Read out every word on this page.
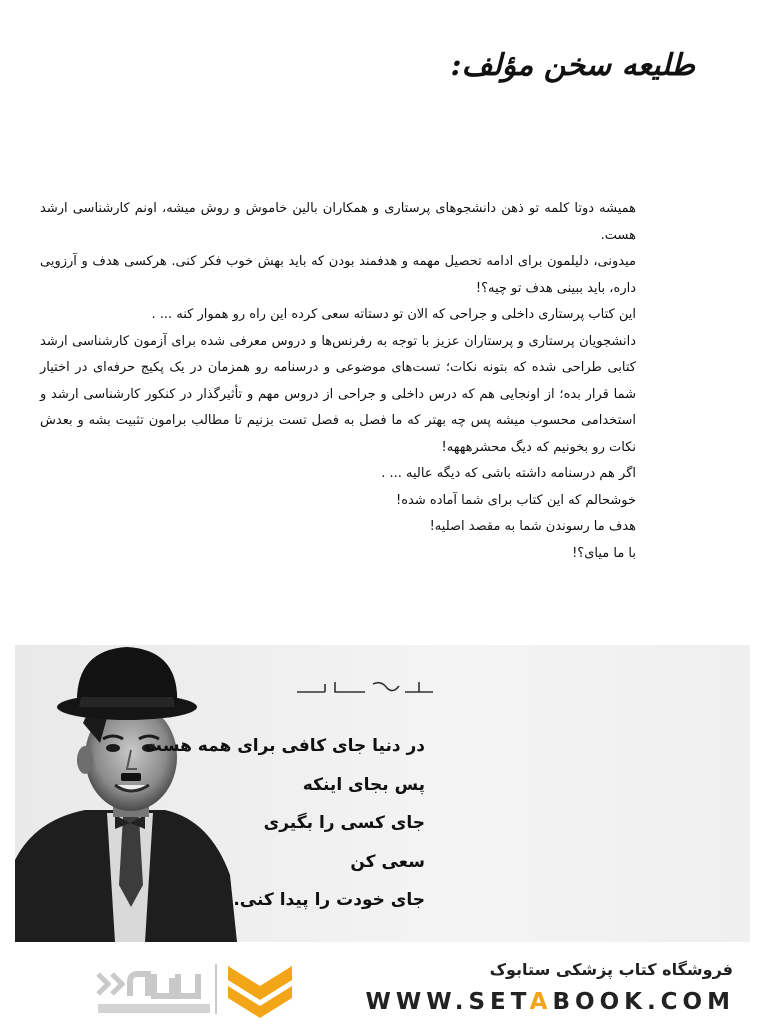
طلیعه سخن مؤلف:

همیشه دوتا کلمه تو ذهن دانشجوهای پرستاری و همکاران بالین خاموش و روش میشه، اونم کارشناسی ارشد هست.

میدونی، دلیلمون برای ادامه تحصیل مهمه و هدفمند بودن که باید بهش خوب فکر کنی. هرکسی هدف و آرزویی داره، باید ببینی هدف تو چیه؟!

این کتاب پرستاری داخلی و جراحی که الان تو دستاته سعی کرده این راه رو هموار کنه ... .

دانشجویان پرستاری و پرستاران عزیز با توجه به رفرنس‌ها و دروس معرفی شده برای آزمون کارشناسی ارشد کتابی طراحی شده که بتونه نکات؛ تست‌های موضوعی و درسنامه رو همزمان در یک پکیج حرفه‌ای در اختیار شما قرار بده؛ از اونجایی هم که درس داخلی و جراحی از دروس مهم و تأثیرگذار در کنکور کارشناسی ارشد و استخدامی محسوب میشه پس چه بهتر که ما فصل به فصل تست بزنیم تا مطالب برامون تثبیت بشه و بعدش نکات رو بخونیم که دیگ محشرهههه!

اگر هم درسنامه داشته باشی که دیگه عالیه ... .

خوشحالم که این کتاب برای شما آماده شده!

هدف ما رسوندن شما به مقصد اصلیه!

با ما میای؟!

در دنیا جای کافی برای همه هست
پس بجای اینکه
جای کسی را بگیری
سعی کن
جای خودت را پیدا کنی.
فروشگاه کتاب پزشکی ستابوک
WWW.SETABOOK.COM
